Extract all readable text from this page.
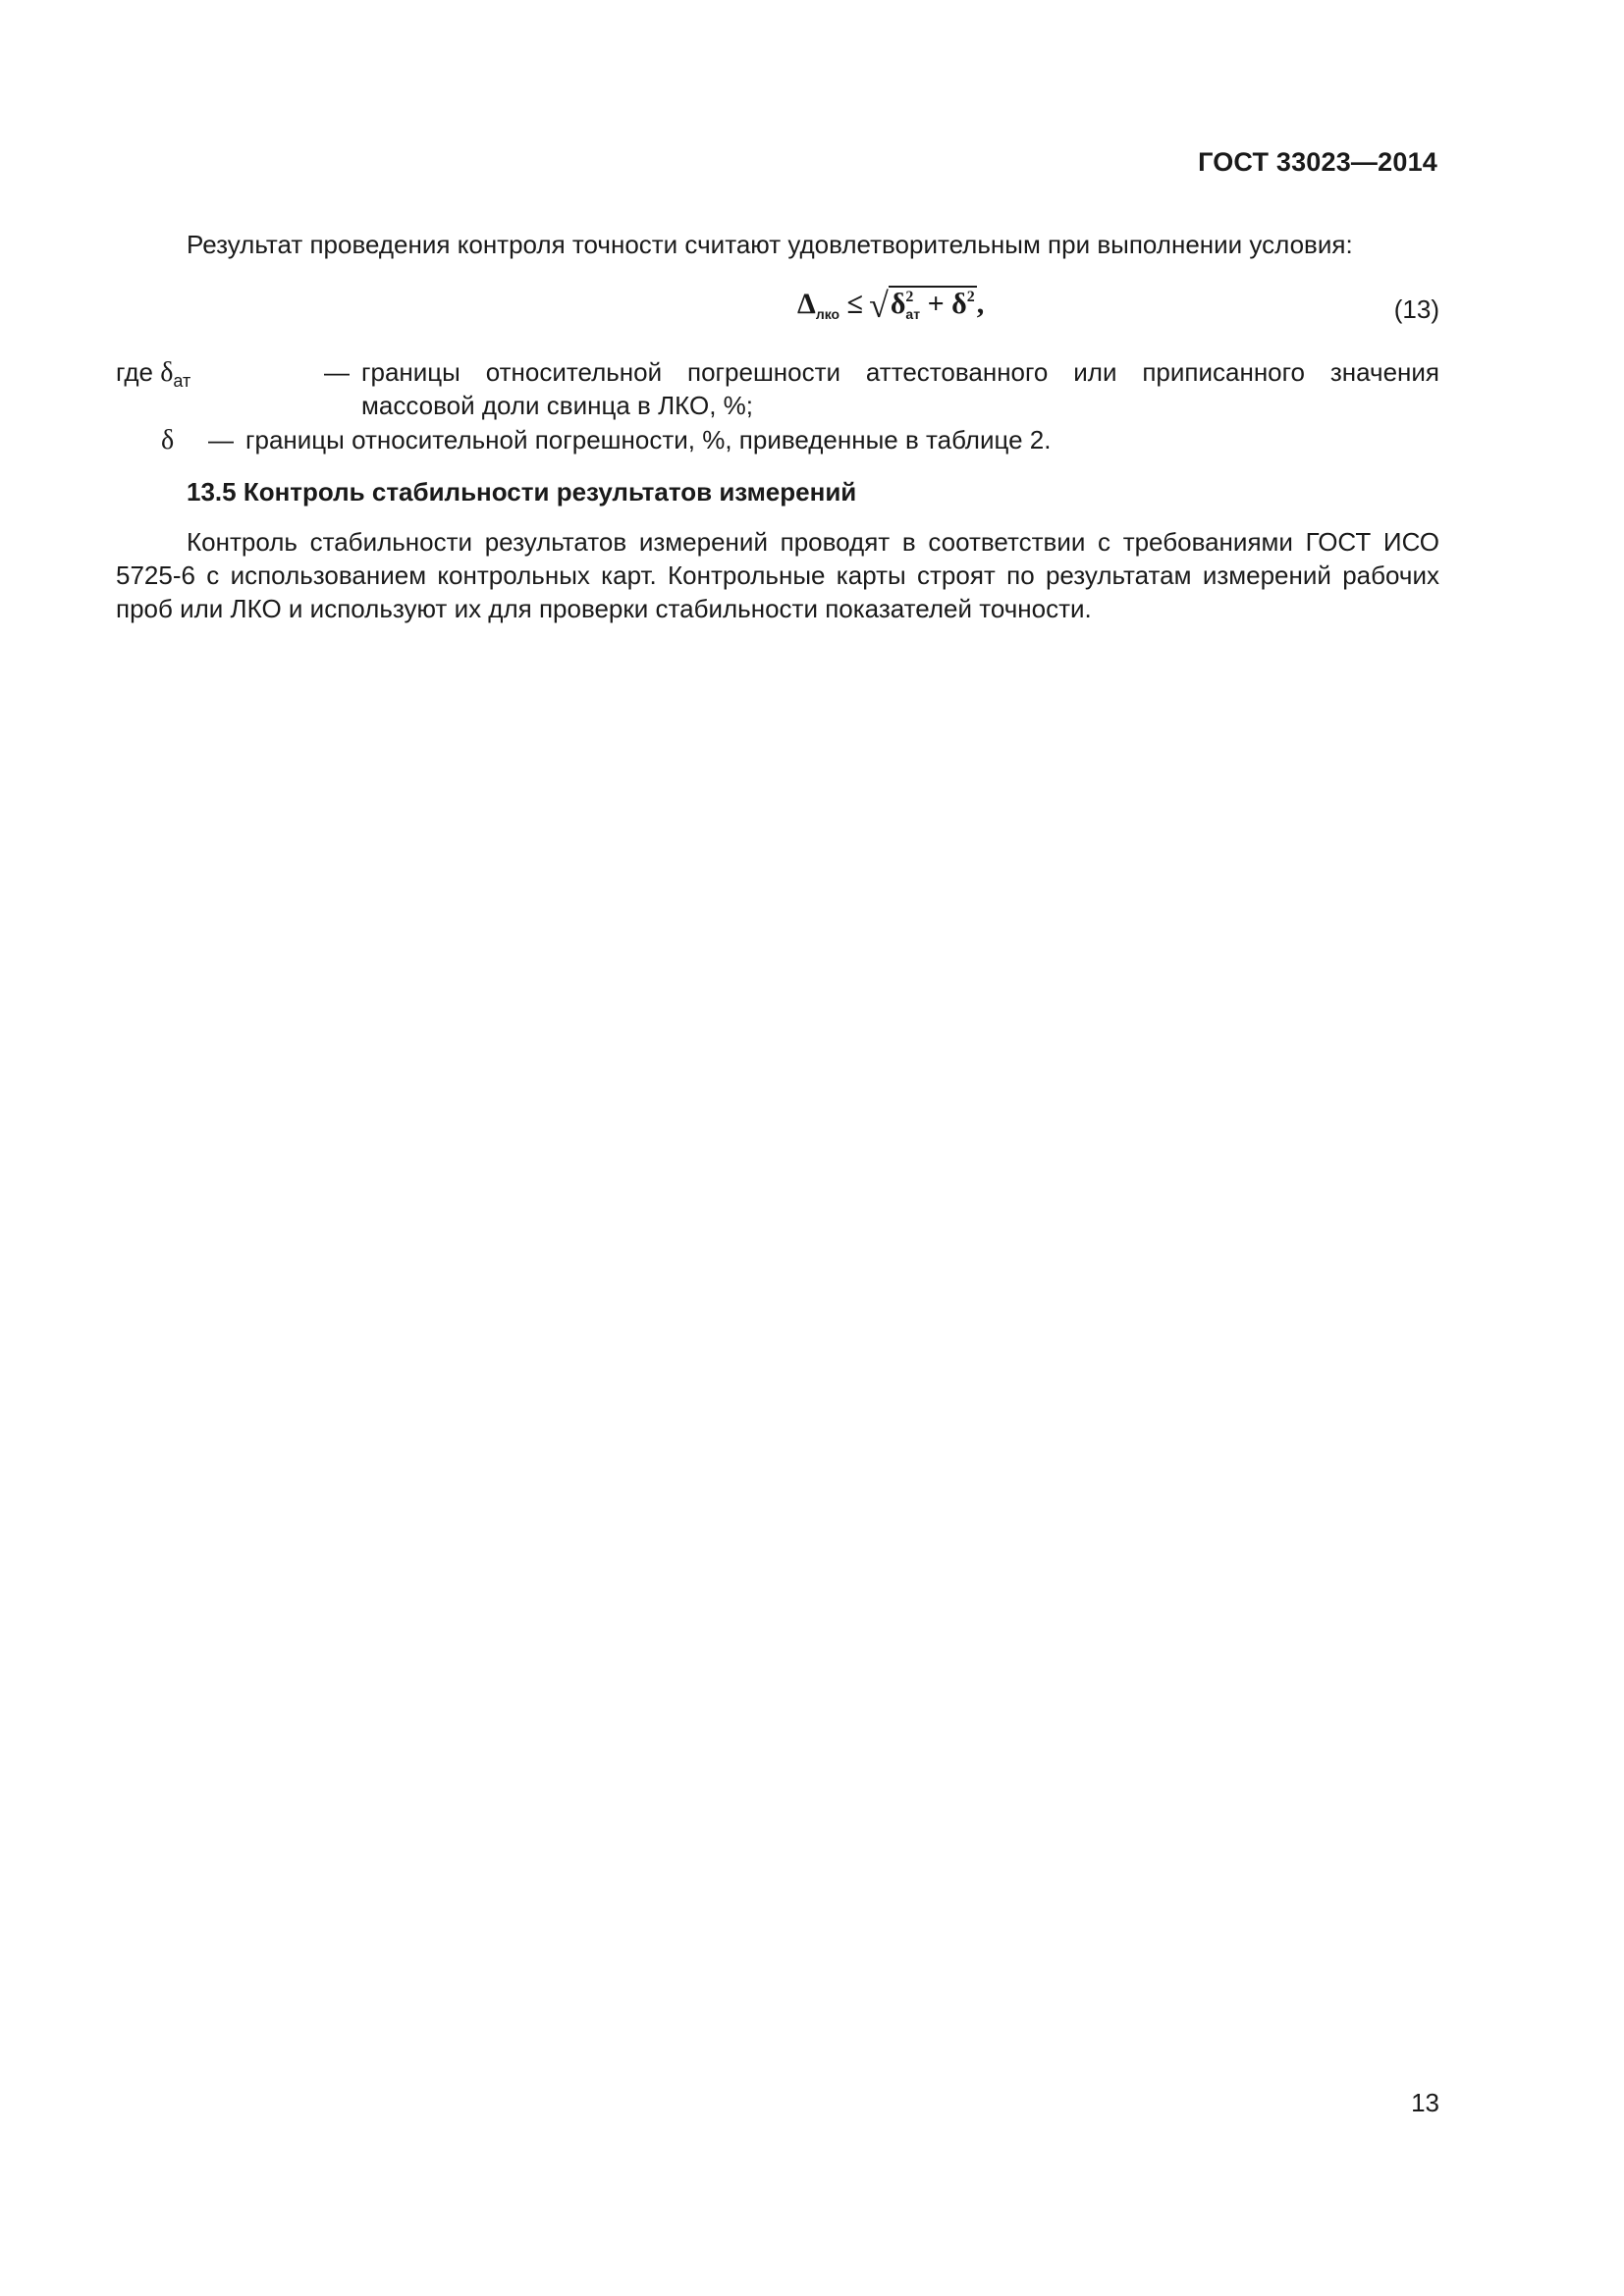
ГОСТ 33023—2014
Результат проведения контроля точности считают удовлетворительным при выполнении условия:
$\Delta_{лко} \le √\delta^2_{ат} + \delta^2$,	(13)
где $\delta_{ат}$	— границы относительной погрешности аттестованного или приписанного значения массовой доли свинца в ЛКО, %;
δ — границы относительной погрешности, %, приведенные в таблице 2.
13.5 Контроль стабильности результатов измерений
Контроль стабильности результатов измерений проводят в соответствии с требованиями ГОСТ ИСО 5725-6 с использованием контрольных карт. Контрольные карты строят по результатам измерений рабочих проб или ЛКО и используют их для проверки стабильности показателей точности.
13
